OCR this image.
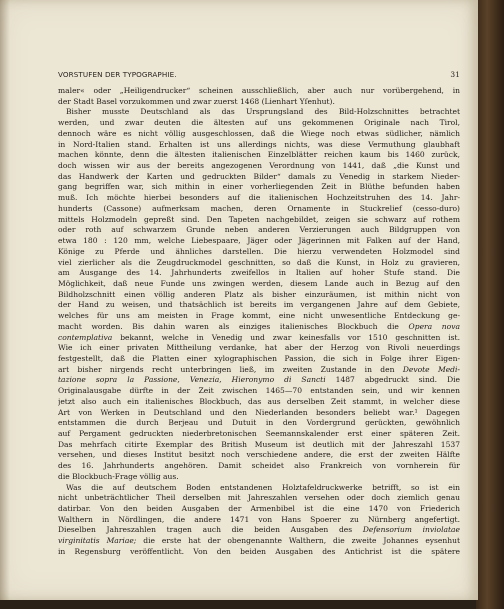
VORSTUFEN DER TYPOGRAPHIE.	31
maler« oder „Heiligendrucker“ scheinen ausschließlich, aber auch nur vorübergehend, in
der Stadt Basel vorzukommen und zwar zuerst 1468 (Lienhart Yſenhut).
Bisher musste Deutschland als das Ursprungsland des Bild-Holzschnittes betrachtet
werden, und zwar deuten die ältesten auf uns gekommenen Originale nach Tirol,
dennoch wäre es nicht völlig ausgeschlossen, daß die Wiege noch etwas südlicher, nämlich
in Nord-Italien stand. Erhalten ist uns allerdings nichts, was diese Vermuthung glaubhaft
machen könnte, denn die ältesten italienischen Einzelblätter reichen kaum bis 1460 zurück,
doch wissen wir aus der bereits angezogenen Verordnung von 1441, daß „die Kunst und
das Handwerk der Karten und gedruckten Bilder“ damals zu Venedig in starkem Nieder-
gang begriffen war, sich mithin in einer vorherliegenden Zeit in Blüthe befunden haben
muß. Ich möchte hierbei besonders auf die italienischen Hochzeitstruhen des 14. Jahr-
hunderts (Cassone) aufmerksam machen, deren Ornamente in Stuckrelief (cesso-duro)
mittels Holzmodeln gepreßt sind. Den Tapeten nachgebildet, zeigen sie schwarz auf rothem
oder roth auf schwarzem Grunde neben anderen Verzierungen auch Bildgruppen von
etwa 180 : 120 mm, welche Liebespaare, Jäger oder Jägerinnen mit Falken auf der Hand,
Könige zu Pferde und ähnliches darstellen. Die hierzu verwendeten Holzmodel sind
viel zierlicher als die Zeugdruckmodel geschnitten, so daß die Kunst, in Holz zu gravieren,
am Ausgange des 14. Jahrhunderts zweifellos in Italien auf hoher Stufe stand. Die
Möglichkeit, daß neue Funde uns zwingen werden, diesem Lande auch in Bezug auf den
Bildholzschnitt einen völlig anderen Platz als bisher einzuräumen, ist mithin nicht von
der Hand zu weisen, und thatsächlich ist bereits im vergangenen Jahre auf dem Gebiete,
welches für uns am meisten in Frage kommt, eine nicht unwesentliche Entdeckung ge-
macht worden. Bis dahin waren als einziges italienisches Blockbuch die Opera nova
contemplativa bekannt, welche in Venedig und zwar keinesfalls vor 1510 geschnitten ist.
Wie ich einer privaten Mittheilung verdanke, hat aber der Herzog von Rivoli neuerdings
festgestellt, daß die Platten einer xylographischen Passion, die sich in Folge ihrer Eigen-
art bisher nirgends recht unterbringen ließ, im zweiten Zustande in den Devote Medi-
tazione sopra la Passione, Venezia, Hieronymo di Sancti 1487 abgedruckt sind. Die
Originalausgabe dürfte in der Zeit zwischen 1465—70 entstanden sein, und wir kennen
jetzt also auch ein italienisches Blockbuch, das aus derselben Zeit stammt, in welcher diese
Art von Werken in Deutschland und den Niederlanden besonders beliebt war.¹ Dagegen
entstammen die durch Berjeau und Dutuit in den Vordergrund gerückten, gewöhnlich
auf Pergament gedruckten niederbretonischen Seemannskalender erst einer späteren Zeit.
Das mehrfach citirte Exemplar des British Museum ist deutlich mit der Jahreszahl 1537
versehen, und dieses Institut besitzt noch verschiedene andere, die erst der zweiten Hälfte
des 16. Jahrhunderts angehören. Damit scheidet also Frankreich von vornherein für
die Blockbuch-Frage völlig aus.
Was die auf deutschem Boden entstandenen Holztafeldruckwerke betrifft, so ist ein
nicht unbeträchtlicher Theil derselben mit Jahreszahlen versehen oder doch ziemlich genau
datirbar. Von den beiden Ausgaben der Armenbibel ist die eine 1470 von Friederich
Walthern in Nördlingen, die andere 1471 von Hans Spoerer zu Nürnberg angefertigt.
Dieselben Jahreszahlen tragen auch die beiden Ausgaben des Defensorium inviolatae
virginitatis Mariae; die erste hat der obengenannte Walthern, die zweite Johannes eysenhut
in Regensburg veröffentlicht. Von den beiden Ausgaben des Antichrist ist die spätere
